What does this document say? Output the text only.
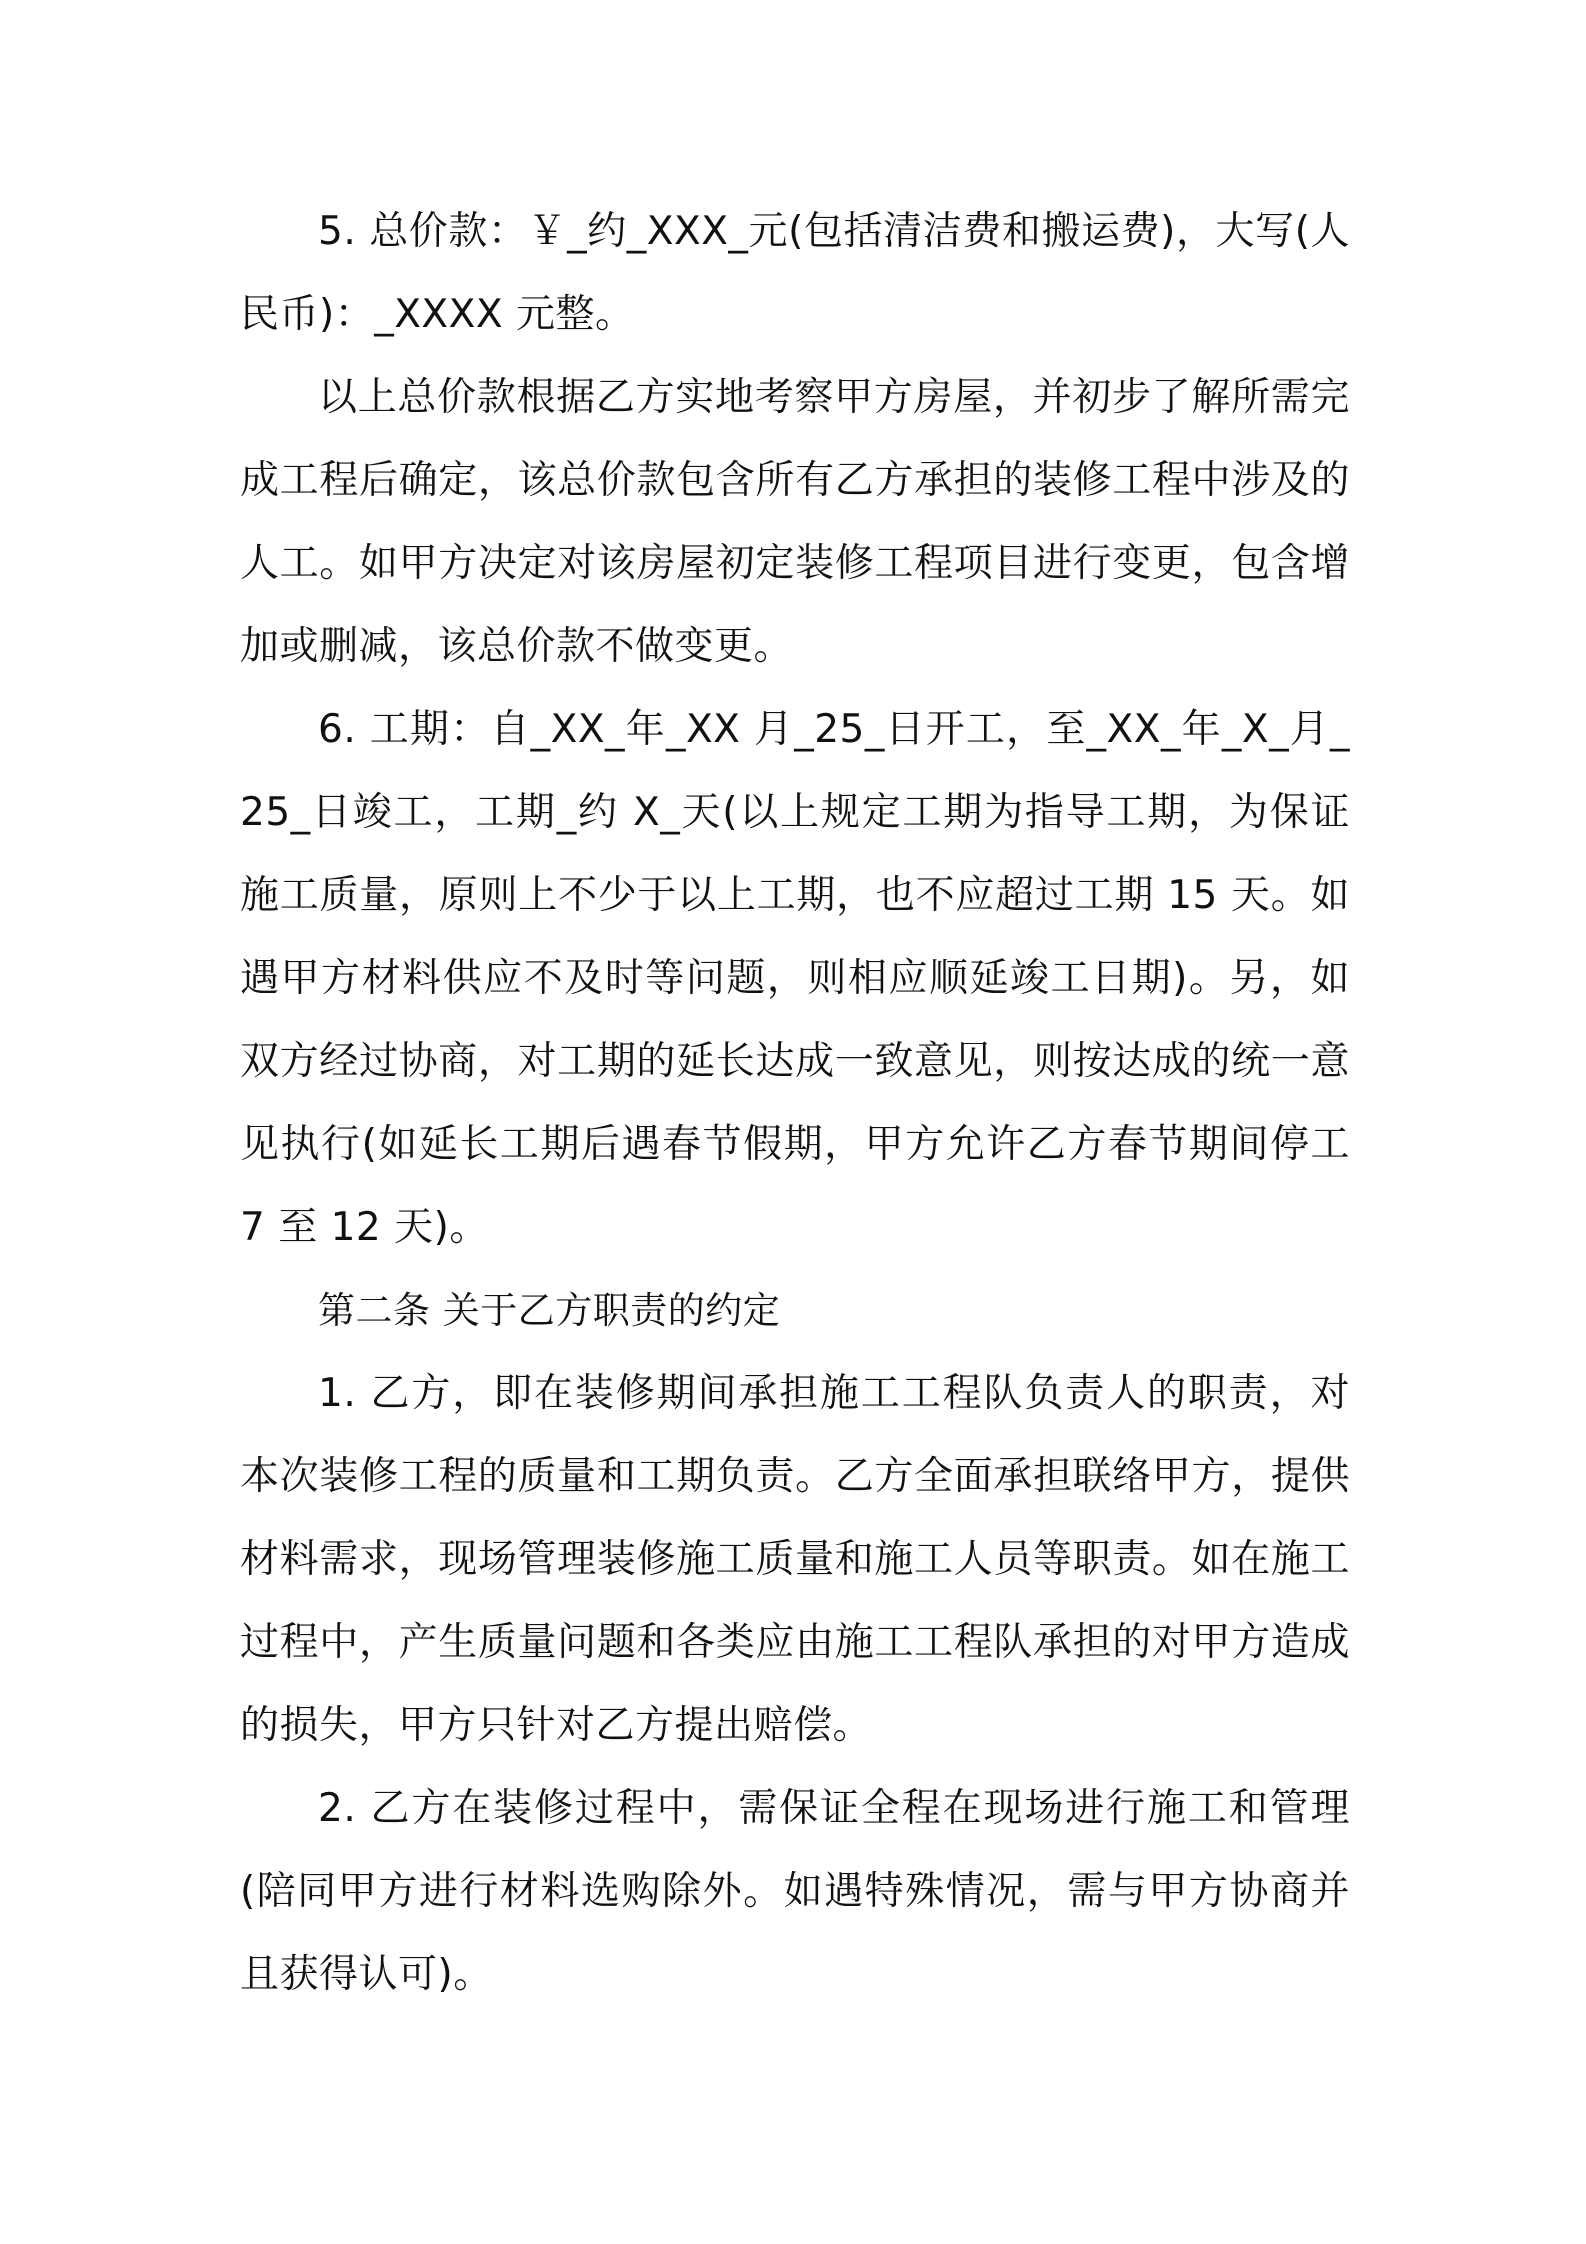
5. 总价款：￥_约_XXX_元(包括清洁费和搬运费)，大写(人民币)：_XXXX 元整。

以上总价款根据乙方实地考察甲方房屋，并初步了解所需完成工程后确定，该总价款包含所有乙方承担的装修工程中涉及的人工。如甲方决定对该房屋初定装修工程项目进行变更，包含增加或删减，该总价款不做变更。

6. 工期：自_XX_年_XX 月_25_日开工，至_XX_年_X_月_25_日竣工，工期_约 X_天(以上规定工期为指导工期，为保证施工质量，原则上不少于以上工期，也不应超过工期 15 天。如遇甲方材料供应不及时等问题，则相应顺延竣工日期)。另，如双方经过协商，对工期的延长达成一致意见，则按达成的统一意见执行(如延长工期后遇春节假期，甲方允许乙方春节期间停工 7 至 12 天)。

第二条 关于乙方职责的约定

1. 乙方，即在装修期间承担施工工程队负责人的职责，对本次装修工程的质量和工期负责。乙方全面承担联络甲方，提供材料需求，现场管理装修施工质量和施工人员等职责。如在施工过程中，产生质量问题和各类应由施工工程队承担的对甲方造成的损失，甲方只针对乙方提出赔偿。

2. 乙方在装修过程中，需保证全程在现场进行施工和管理(陪同甲方进行材料选购除外。如遇特殊情况，需与甲方协商并且获得认可)。
